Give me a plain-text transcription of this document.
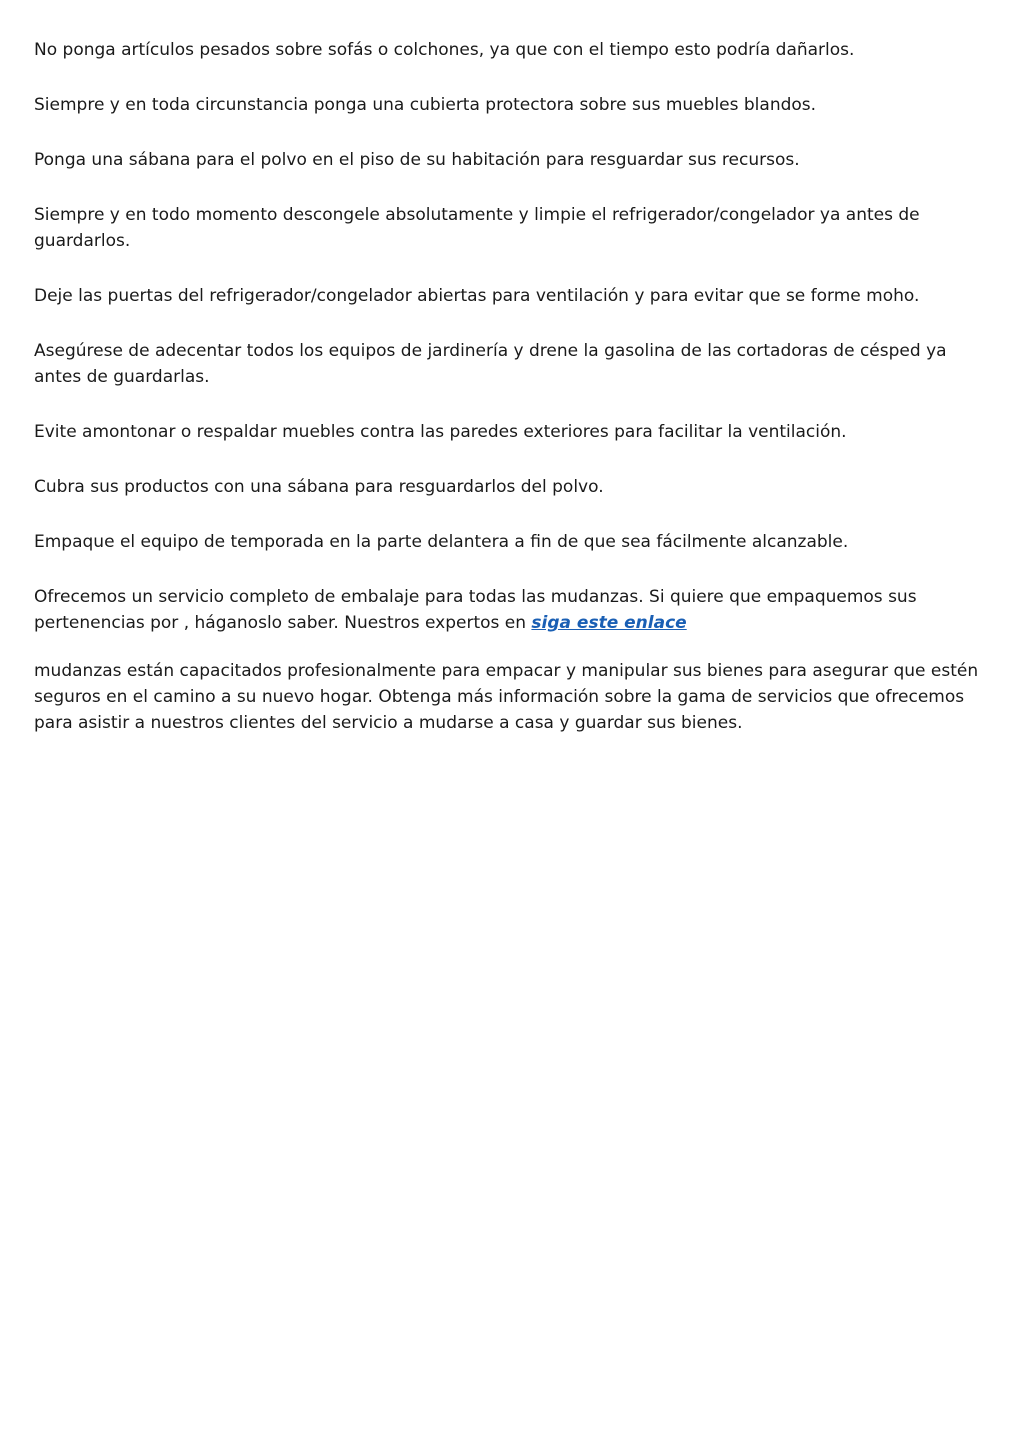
No ponga artículos pesados sobre sofás o colchones, ya que con el tiempo esto podría dañarlos.

Siempre y en toda circunstancia ponga una cubierta protectora sobre sus muebles blandos.

Ponga una sábana para el polvo en el piso de su habitación para resguardar sus recursos.

Siempre y en todo momento descongele absolutamente y limpie el refrigerador/congelador ya antes de guardarlos.

Deje las puertas del refrigerador/congelador abiertas para ventilación y para evitar que se forme moho.

Asegúrese de adecentar todos los equipos de jardinería y drene la gasolina de las cortadoras de césped ya antes de guardarlas.

Evite amontonar o respaldar muebles contra las paredes exteriores para facilitar la ventilación.

Cubra sus productos con una sábana para resguardarlos del polvo.

Empaque el equipo de temporada en la parte delantera a fin de que sea fácilmente alcanzable.

Ofrecemos un servicio completo de embalaje para todas las mudanzas. Si quiere que empaquemos sus pertenencias por , háganoslo saber. Nuestros expertos en siga este enlace

mudanzas están capacitados profesionalmente para empacar y manipular sus bienes para asegurar que estén seguros en el camino a su nuevo hogar. Obtenga más información sobre la gama de servicios que ofrecemos para asistir a nuestros clientes del servicio a mudarse a casa y guardar sus bienes.
